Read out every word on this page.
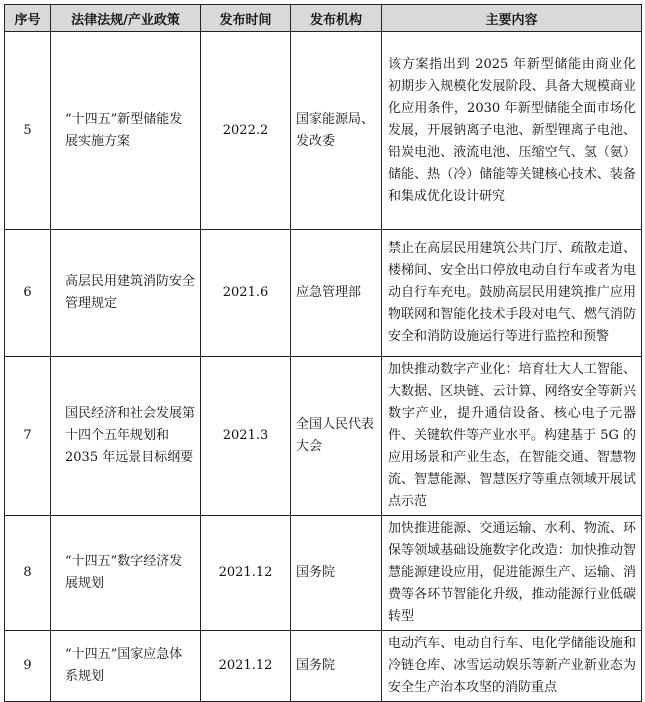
序号	法律法规/产业政策	发布时间	发布机构	主要内容
5	“十四五”新型储能发展实施方案	2022.2	国家能源局、发改委	该方案指出到 2025 年新型储能由商业化初期步入规模化发展阶段、具备大规模商业化应用条件，2030 年新型储能全面市场化发展，开展钠离子电池、新型锂离子电池、铅炭电池、液流电池、压缩空气、氢（氨）储能、热（冷）储能等关键核心技术、装备和集成优化设计研究
6	高层民用建筑消防安全管理规定	2021.6	应急管理部	禁止在高层民用建筑公共门厅、疏散走道、楼梯间、安全出口停放电动自行车或者为电动自行车充电。鼓励高层民用建筑推广应用物联网和智能化技术手段对电气、燃气消防安全和消防设施运行等进行监控和预警
7	国民经济和社会发展第十四个五年规划和 2035 年远景目标纲要	2021.3	全国人民代表大会	加快推动数字产业化：培育壮大人工智能、大数据、区块链、云计算、网络安全等新兴数字产业，提升通信设备、核心电子元器件、关键软件等产业水平。构建基于 5G 的应用场景和产业生态，在智能交通、智慧物流、智慧能源、智慧医疗等重点领域开展试点示范
8	“十四五”数字经济发展规划	2021.12	国务院	加快推进能源、交通运输、水利、物流、环保等领域基础设施数字化改造：加快推动智慧能源建设应用，促进能源生产、运输、消费等各环节智能化升级，推动能源行业低碳转型
9	“十四五”国家应急体系规划	2021.12	国务院	电动汽车、电动自行车、电化学储能设施和冷链仓库、冰雪运动娱乐等新产业新业态为安全生产治本攻坚的消防重点
